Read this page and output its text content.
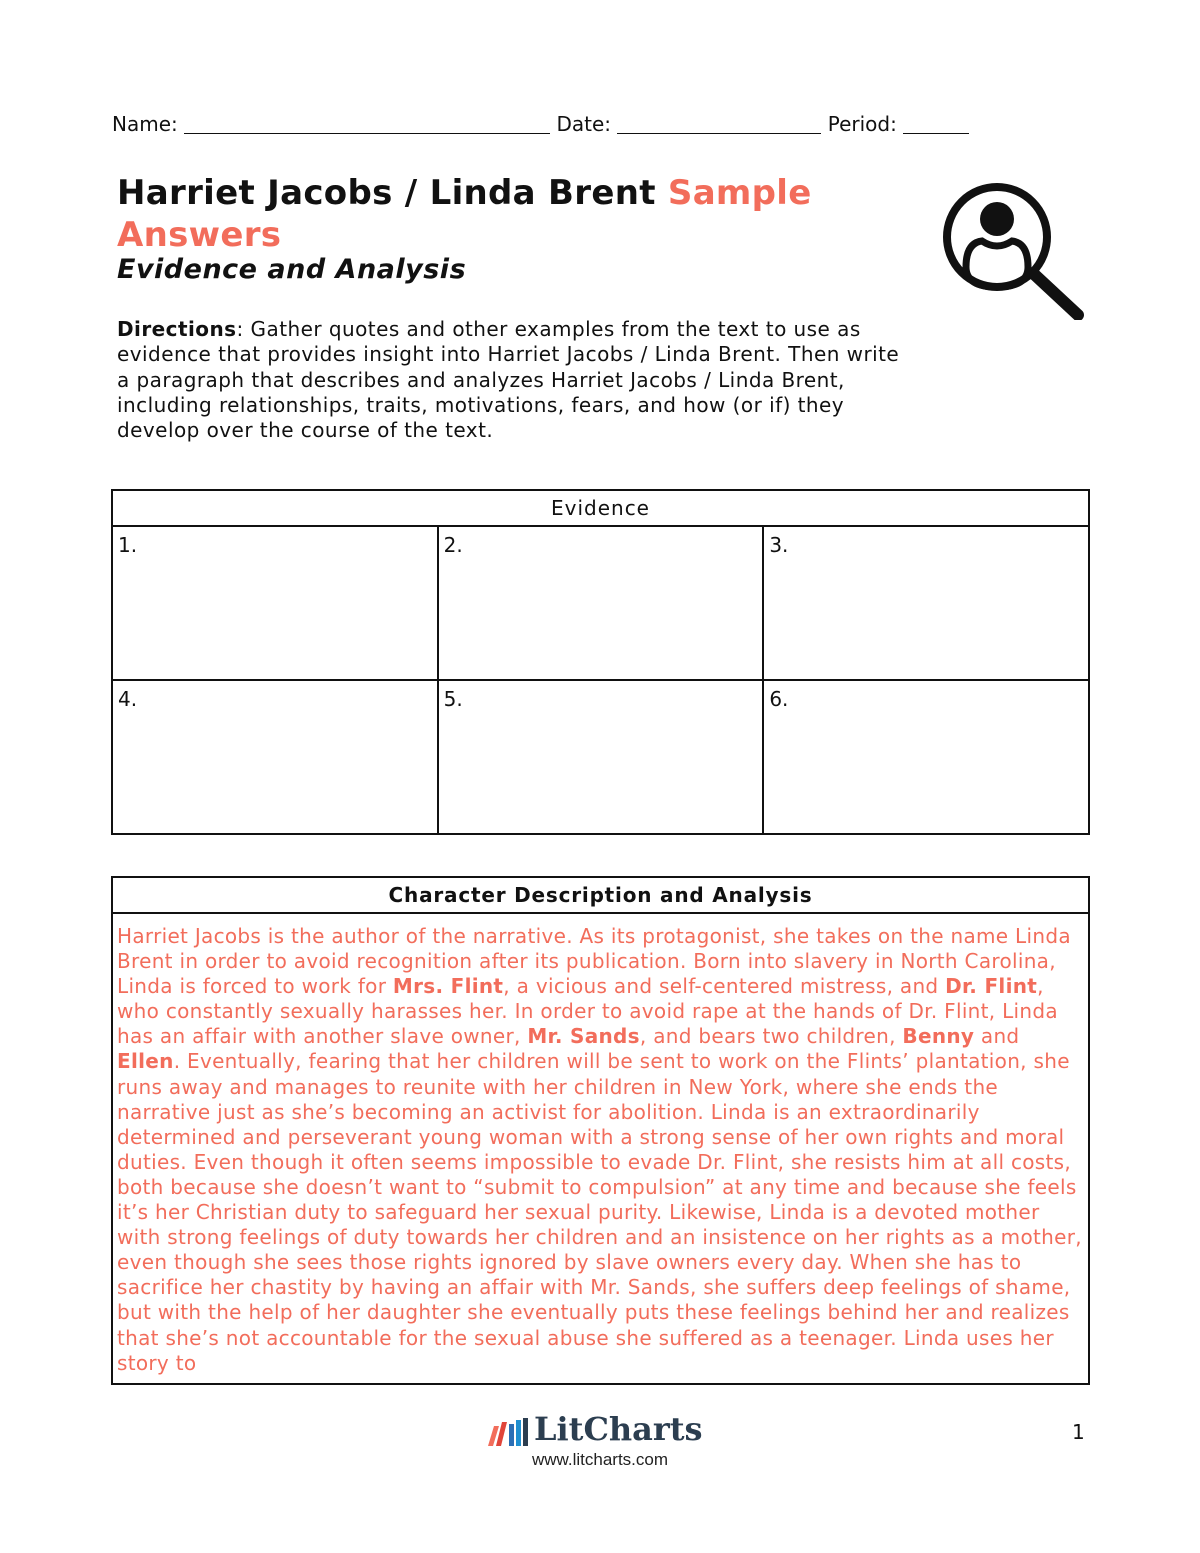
Name:	Date:	Period:
Harriet Jacobs / Linda Brent Sample Answers
Evidence and Analysis
Directions: Gather quotes and other examples from the text to use as evidence that provides insight into Harriet Jacobs / Linda Brent. Then write a paragraph that describes and analyzes Harriet Jacobs / Linda Brent, including relationships, traits, motivations, fears, and how (or if) they develop over the course of the text.
Evidence		

1.	2.	3.

4.	5.	6.
Character Description and Analysis
Harriet Jacobs is the author of the narrative. As its protagonist, she takes on the name Linda Brent in order to avoid recognition after its publication. Born into slavery in North Carolina, Linda is forced to work for Mrs. Flint, a vicious and self-centered mistress, and Dr. Flint, who constantly sexually harasses her. In order to avoid rape at the hands of Dr. Flint, Linda has an affair with another slave owner, Mr. Sands, and bears two children, Benny and Ellen. Eventually, fearing that her children will be sent to work on the Flints’ plantation, she runs away and manages to reunite with her children in New York, where she ends the narrative just as she’s becoming an activist for abolition. Linda is an extraordinarily determined and perseverant young woman with a strong sense of her own rights and moral duties. Even though it often seems impossible to evade Dr. Flint, she resists him at all costs, both because she doesn’t want to “submit to compulsion” at any time and because she feels it’s her Christian duty to safeguard her sexual purity. Likewise, Linda is a devoted mother with strong feelings of duty towards her children and an insistence on her rights as a mother, even though she sees those rights ignored by slave owners every day. When she has to sacrifice her chastity by having an affair with Mr. Sands, she suffers deep feelings of shame, but with the help of her daughter she eventually puts these feelings behind her and realizes that she’s not accountable for the sexual abuse she suffered as a teenager. Linda uses her story to
LitCharts
www.litcharts.com
1
